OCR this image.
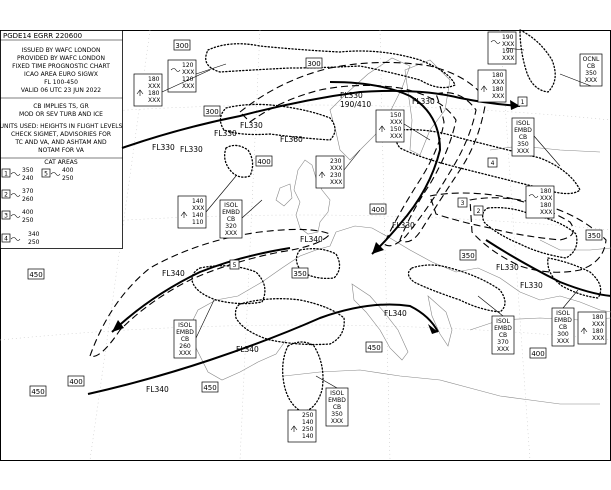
PGDE14 EGRR 220600
ISSUED BY WAFC LONDON
PROVIDED BY WAFC LONDON
FIXED TIME PROGNOSTIC CHART
ICAO AREA EURO SIGWX
FL 100-450
VALID 06 UTC 23 JUN 2022
CB IMPLIES TS, GR
MOD OR SEV TURB AND ICE
UNITS USED: HEIGHTS IN FLIGHT LEVELS
CHECK SIGMET, ADVISORIES FOR
TC AND VA, AND ASHTAM AND
NOTAM FOR VA
CAT AREAS
1 350
240
5 400
250
2 370
260
3 400
250
4
340
250
FL330 FL330
FL330
FL330
FL330
190/410	FL330
FL330
FL360
FL340
FL340
FL340
FL340
FL340
FL330
FL330
300
300
300
400
400
350
350
450
450
450
400
450
400
350
1
2
3
4
5
ISOL
EMBD
CB
350
XXX
ISOL
EMBD
CB
320
XXX
ISOL
EMBD
CB
260
XXX
ISOL
EMBD
CB
350
XXX
ISOL
EMBD
CB
370
XXX
ISOL
EMBD
CB
300
XXX
OCNL
CB
350
XXX
180
XXX
180
XXX
120
XXX
120
XXX
190
XXX
190
XXX
180
XXX
180
XXX
150
XXX
150
XXX
230
XXX
230
XXX
140
XXX
140
110
180
XXX
180
XXX
180
XXX
180
XXX
250
140
250
140
